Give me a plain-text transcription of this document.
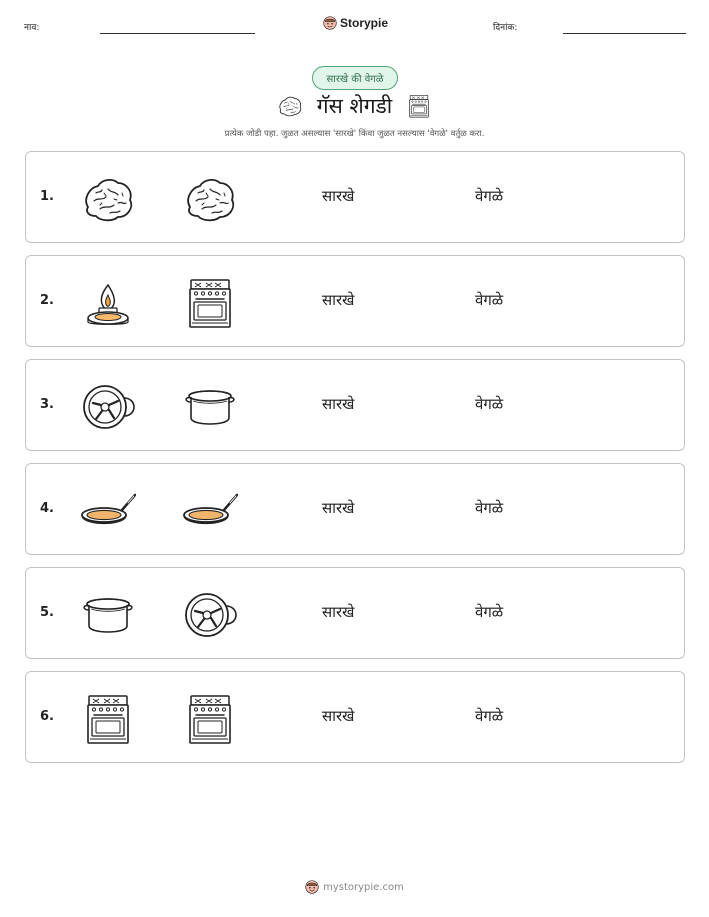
नाव:	Storypie	दिनांक:
सारखे की वेगळे
गॅस शेगडी
प्रत्येक जोडी पहा. जुळत असल्यास 'सारखे' किंवा जुळत नसल्यास 'वेगळे' वर्तुळ करा.
1.	सारखे	वेगळे
2.	सारखे	वेगळे
3.	सारखे	वेगळे
4.	सारखे	वेगळे
5.	सारखे	वेगळे
6.	सारखे	वेगळे
mystorypie.com
